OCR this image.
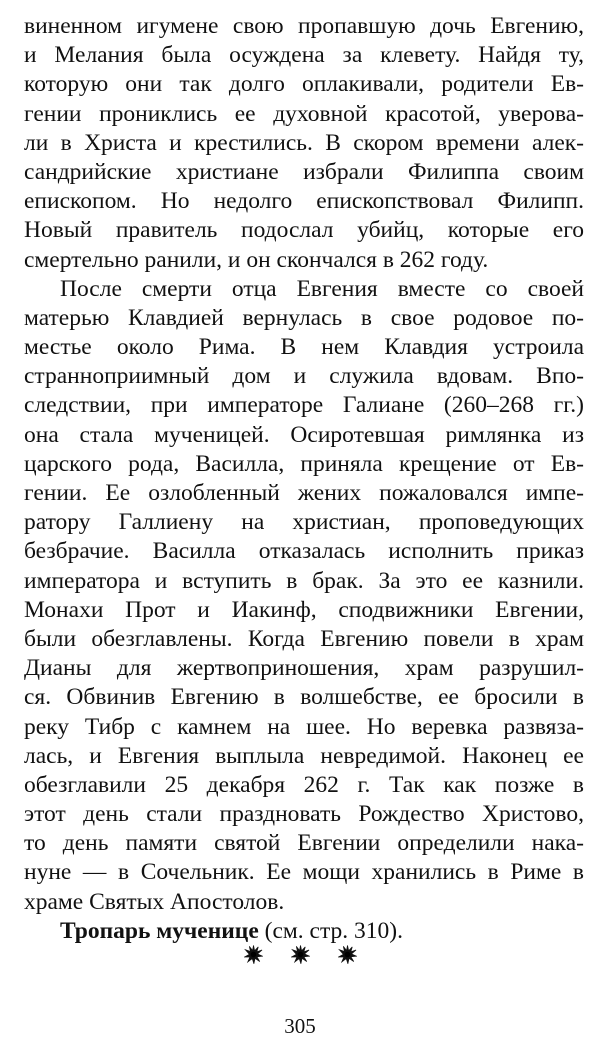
виненном игумене свою пропавшую дочь Евгению,
и Мелания была осуждена за клевету. Найдя ту,
которую они так долго оплакивали, родители Ев-
гении прониклись ее духовной красотой, уверова-
ли в Христа и крестились. В скором времени алек-
сандрийские христиане избрали Филиппа своим
епископом. Но недолго епископствовал Филипп.
Новый правитель подослал убийц, которые его
смертельно ранили, и он скончался в 262 году.
После смерти отца Евгения вместе со своей
матерью Клавдией вернулась в свое родовое по-
местье около Рима. В нем Клавдия устроила
странноприимный дом и служила вдовам. Впо-
следствии, при императоре Галиане (260–268 гг.)
она стала мученицей. Осиротевшая римлянка из
царского рода, Василла, приняла крещение от Ев-
гении. Ее озлобленный жених пожаловался импе-
ратору Галлиену на христиан, проповедующих
безбрачие. Василла отказалась исполнить приказ
императора и вступить в брак. За это ее казнили.
Монахи Прот и Иакинф, сподвижники Евгении,
были обезглавлены. Когда Евгению повели в храм
Дианы для жертвоприношения, храм разрушил-
ся. Обвинив Евгению в волшебстве, ее бросили в
реку Тибр с камнем на шее. Но веревка развяза-
лась, и Евгения выплыла невредимой. Наконец ее
обезглавили 25 декабря 262 г. Так как позже в
этот день стали праздновать Рождество Христово,
то день памяти святой Евгении определили нака-
нуне — в Сочельник. Ее мощи хранились в Риме в
храме Святых Апостолов.
Тропарь мученице (см. стр. 310).
305
